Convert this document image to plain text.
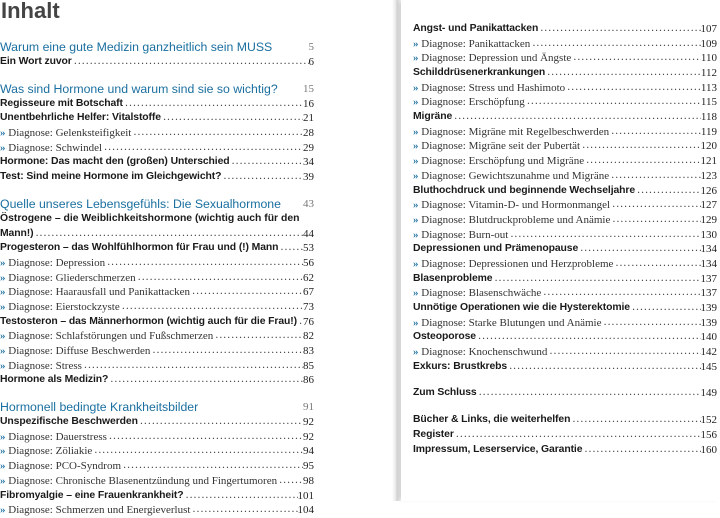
Inhalt
Warum eine gute Medizin ganzheitlich sein MUSS	5
Ein Wort zuvor . . .	6
Was sind Hormone und warum sind sie so wichtig? 15
Regisseure mit Botschaft . . .	16
Unentbehrliche Helfer: Vitalstoffe . . .	21
» Diagnose: Gelenksteifigkeit . . .	28
» Diagnose: Schwindel . . .	29
Hormone: Das macht den (großen) Unterschied . . .	34
Test: Sind meine Hormone im Gleichgewicht? . . .	39
Quelle unseres Lebensgefühls: Die Sexualhormone 43
Östrogene – die Weiblichkeitshormone (wichtig auch für den
Mann!) . . .	44
Progesteron – das Wohlfühlhormon für Frau und (!) Mann . . . 53
» Diagnose: Depression . . .	56
» Diagnose: Gliederschmerzen . . .	62
» Diagnose: Haarausfall und Panikattacken . . .	67
» Diagnose: Eierstockzyste . . .	73
Testosteron – das Männerhormon (wichtig auch für die Frau!) . . . 76
» Diagnose: Schlafstörungen und Fußschmerzen . . .	82
» Diagnose: Diffuse Beschwerden . . .	83
» Diagnose: Stress . . .	85
Hormone als Medizin? . . .	86
Hormonell bedingte Krankheitsbilder	91
Unspezifische Beschwerden . . .	92
» Diagnose: Dauerstress . . .	92
» Diagnose: Zöliakie . . .	94
» Diagnose: PCO-Syndrom . . .	95
» Diagnose: Chronische Blasenentzündung und Fingertumoren . . . 98
Fibromyalgie – eine Frauenkrankheit? . . .	101
» Diagnose: Schmerzen und Energieverlust . . .	104
Angst- und Panikattacken . . .	107
» Diagnose: Panikattacken . . .	109
» Diagnose: Depression und Ängste . . .	110
Schilddrüsenerkrankungen . . .	112
» Diagnose: Stress und Hashimoto . . .	113
» Diagnose: Erschöpfung . . .	115
Migräne . . .	118
» Diagnose: Migräne mit Regelbeschwerden . . .	119
» Diagnose: Migräne seit der Pubertät . . .	120
» Diagnose: Erschöpfung und Migräne . . .	121
» Diagnose: Gewichtszunahme und Migräne . . .	123
Bluthochdruck und beginnende Wechseljahre . . .	126
» Diagnose: Vitamin-D- und Hormonmangel . . .	127
» Diagnose: Blutdruckprobleme und Anämie . . .	129
» Diagnose: Burn-out . . .	130
Depressionen und Prämenopause . . .	134
» Diagnose: Depressionen und Herzprobleme . . .	134
Blasenprobleme . . .	137
» Diagnose: Blasenschwäche . . .	137
Unnötige Operationen wie die Hysterektomie . . .	139
» Diagnose: Starke Blutungen und Anämie . . .	139
Osteoporose . . .	140
» Diagnose: Knochenschwund . . .	142
Exkurs: Brustkrebs . . .	145
Zum Schluss . . .	149
Bücher & Links, die weiterhelfen . . .	152
Register . . .	156
Impressum, Leserservice, Garantie . . .	160
